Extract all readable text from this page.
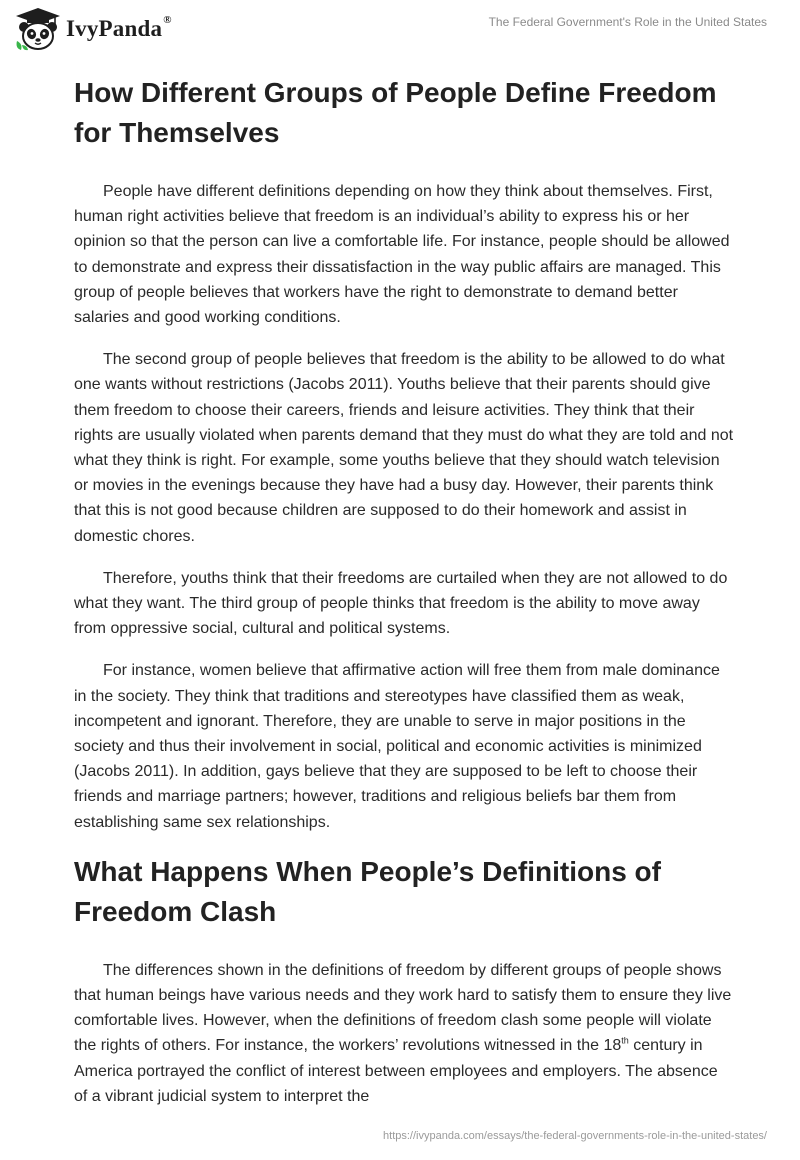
IvyPanda®	The Federal Government's Role in the United States
How Different Groups of People Define Freedom for Themselves

People have different definitions depending on how they think about themselves. First, human right activities believe that freedom is an individual’s ability to express his or her opinion so that the person can live a comfortable life. For instance, people should be allowed to demonstrate and express their dissatisfaction in the way public affairs are managed. This group of people believes that workers have the right to demonstrate to demand better salaries and good working conditions.

The second group of people believes that freedom is the ability to be allowed to do what one wants without restrictions (Jacobs 2011). Youths believe that their parents should give them freedom to choose their careers, friends and leisure activities. They think that their rights are usually violated when parents demand that they must do what they are told and not what they think is right. For example, some youths believe that they should watch television or movies in the evenings because they have had a busy day. However, their parents think that this is not good because children are supposed to do their homework and assist in domestic chores.

Therefore, youths think that their freedoms are curtailed when they are not allowed to do what they want. The third group of people thinks that freedom is the ability to move away from oppressive social, cultural and political systems.

For instance, women believe that affirmative action will free them from male dominance in the society. They think that traditions and stereotypes have classified them as weak, incompetent and ignorant. Therefore, they are unable to serve in major positions in the society and thus their involvement in social, political and economic activities is minimized (Jacobs 2011). In addition, gays believe that they are supposed to be left to choose their friends and marriage partners; however, traditions and religious beliefs bar them from establishing same sex relationships.

What Happens When People’s Definitions of Freedom Clash

The differences shown in the definitions of freedom by different groups of people shows that human beings have various needs and they work hard to satisfy them to ensure they live comfortable lives. However, when the definitions of freedom clash some people will violate the rights of others. For instance, the workers’ revolutions witnessed in the 18th century in America portrayed the conflict of interest between employees and employers. The absence of a vibrant judicial system to interpret the

https://ivypanda.com/essays/the-federal-governments-role-in-the-united-states/
